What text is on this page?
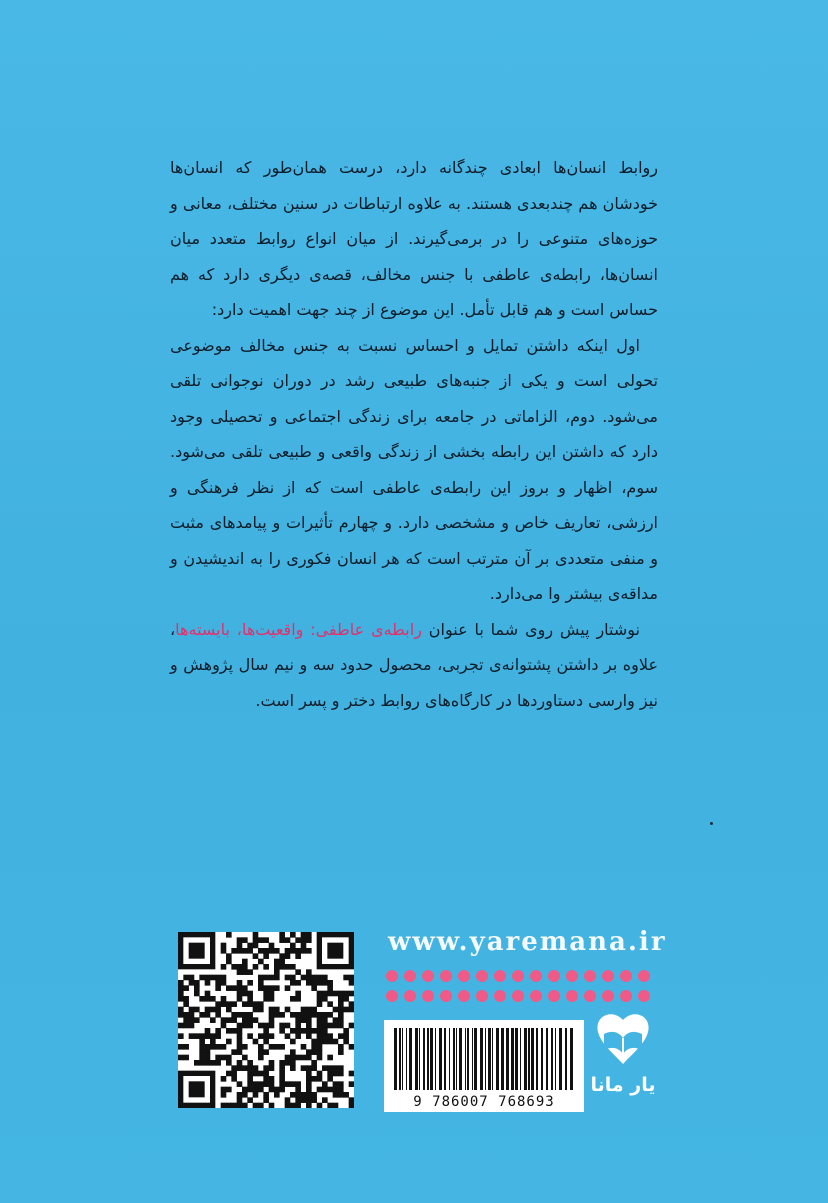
روابط انسان‌ها ابعادی چندگانه دارد، درست همان‌طور که انسان‌ها خودشان هم چندبعدی هستند. به علاوه ارتباطات در سنین مختلف، معانی و حوزه‌های متنوعی را در برمی‌گیرند. از میان انواع روابط متعدد میان انسان‌ها، رابطه‌ی عاطفی با جنس مخالف، قصه‌ی دیگری دارد که هم حساس است و هم قابل تأمل. این موضوع از چند جهت اهمیت دارد:

اول اینکه داشتن تمایل و احساس نسبت به جنس مخالف موضوعی تحولی است و یکی از جنبه‌های طبیعی رشد در دوران نوجوانی تلقی می‌شود. دوم، الزاماتی در جامعه برای زندگی اجتماعی و تحصیلی وجود دارد که داشتن این رابطه بخشی از زندگی واقعی و طبیعی تلقی می‌شود. سوم، اظهار و بروز این رابطه‌ی عاطفی است که از نظر فرهنگی و ارزشی، تعاریف خاص و مشخصی دارد. و چهارم تأثیرات و پیامدهای مثبت و منفی متعددی بر آن مترتب است که هر انسان فکوری را به اندیشیدن و مداقه‌ی بیشتر وا می‌دارد.

نوشتار پیش روی شما با عنوان رابطه‌ی عاطفی: واقعیت‌ها، بایسته‌ها، علاوه بر داشتن پشتوانه‌ی تجربی، محصول حدود سه و نیم سال پژوهش و نیز وارسی دستاوردها در کارگاه‌های روابط دختر و پسر است.

www.yaremana.ir
9 786007 768693
یار مانا
